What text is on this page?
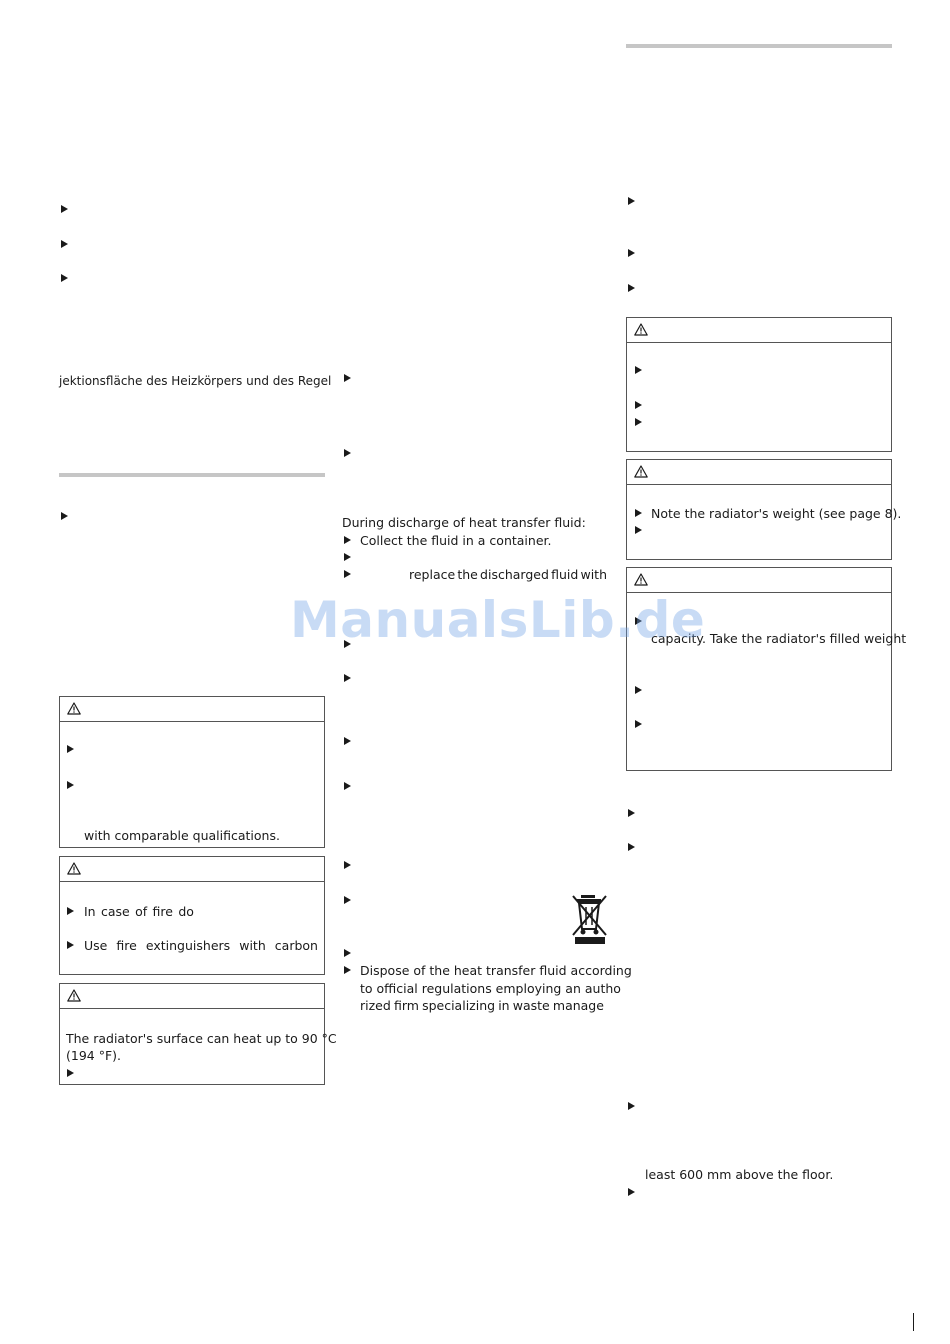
jektionsfläche des Heizkörpers und des Regel
with comparable qualifications.
In case of fire do
Use fire extinguishers with carbon
The radiator's surface can heat up to 90 °C
(194 °F).
During discharge of heat transfer fluid:
Collect the fluid in a container.
replace the discharged fluid with
Dispose of the heat transfer fluid according
to official regulations employing an autho
rized firm specializing in waste manage
Note the radiator's weight (see page 8).
capacity. Take the radiator's filled weight
least 600 mm above the floor.
ManualsLib.de
